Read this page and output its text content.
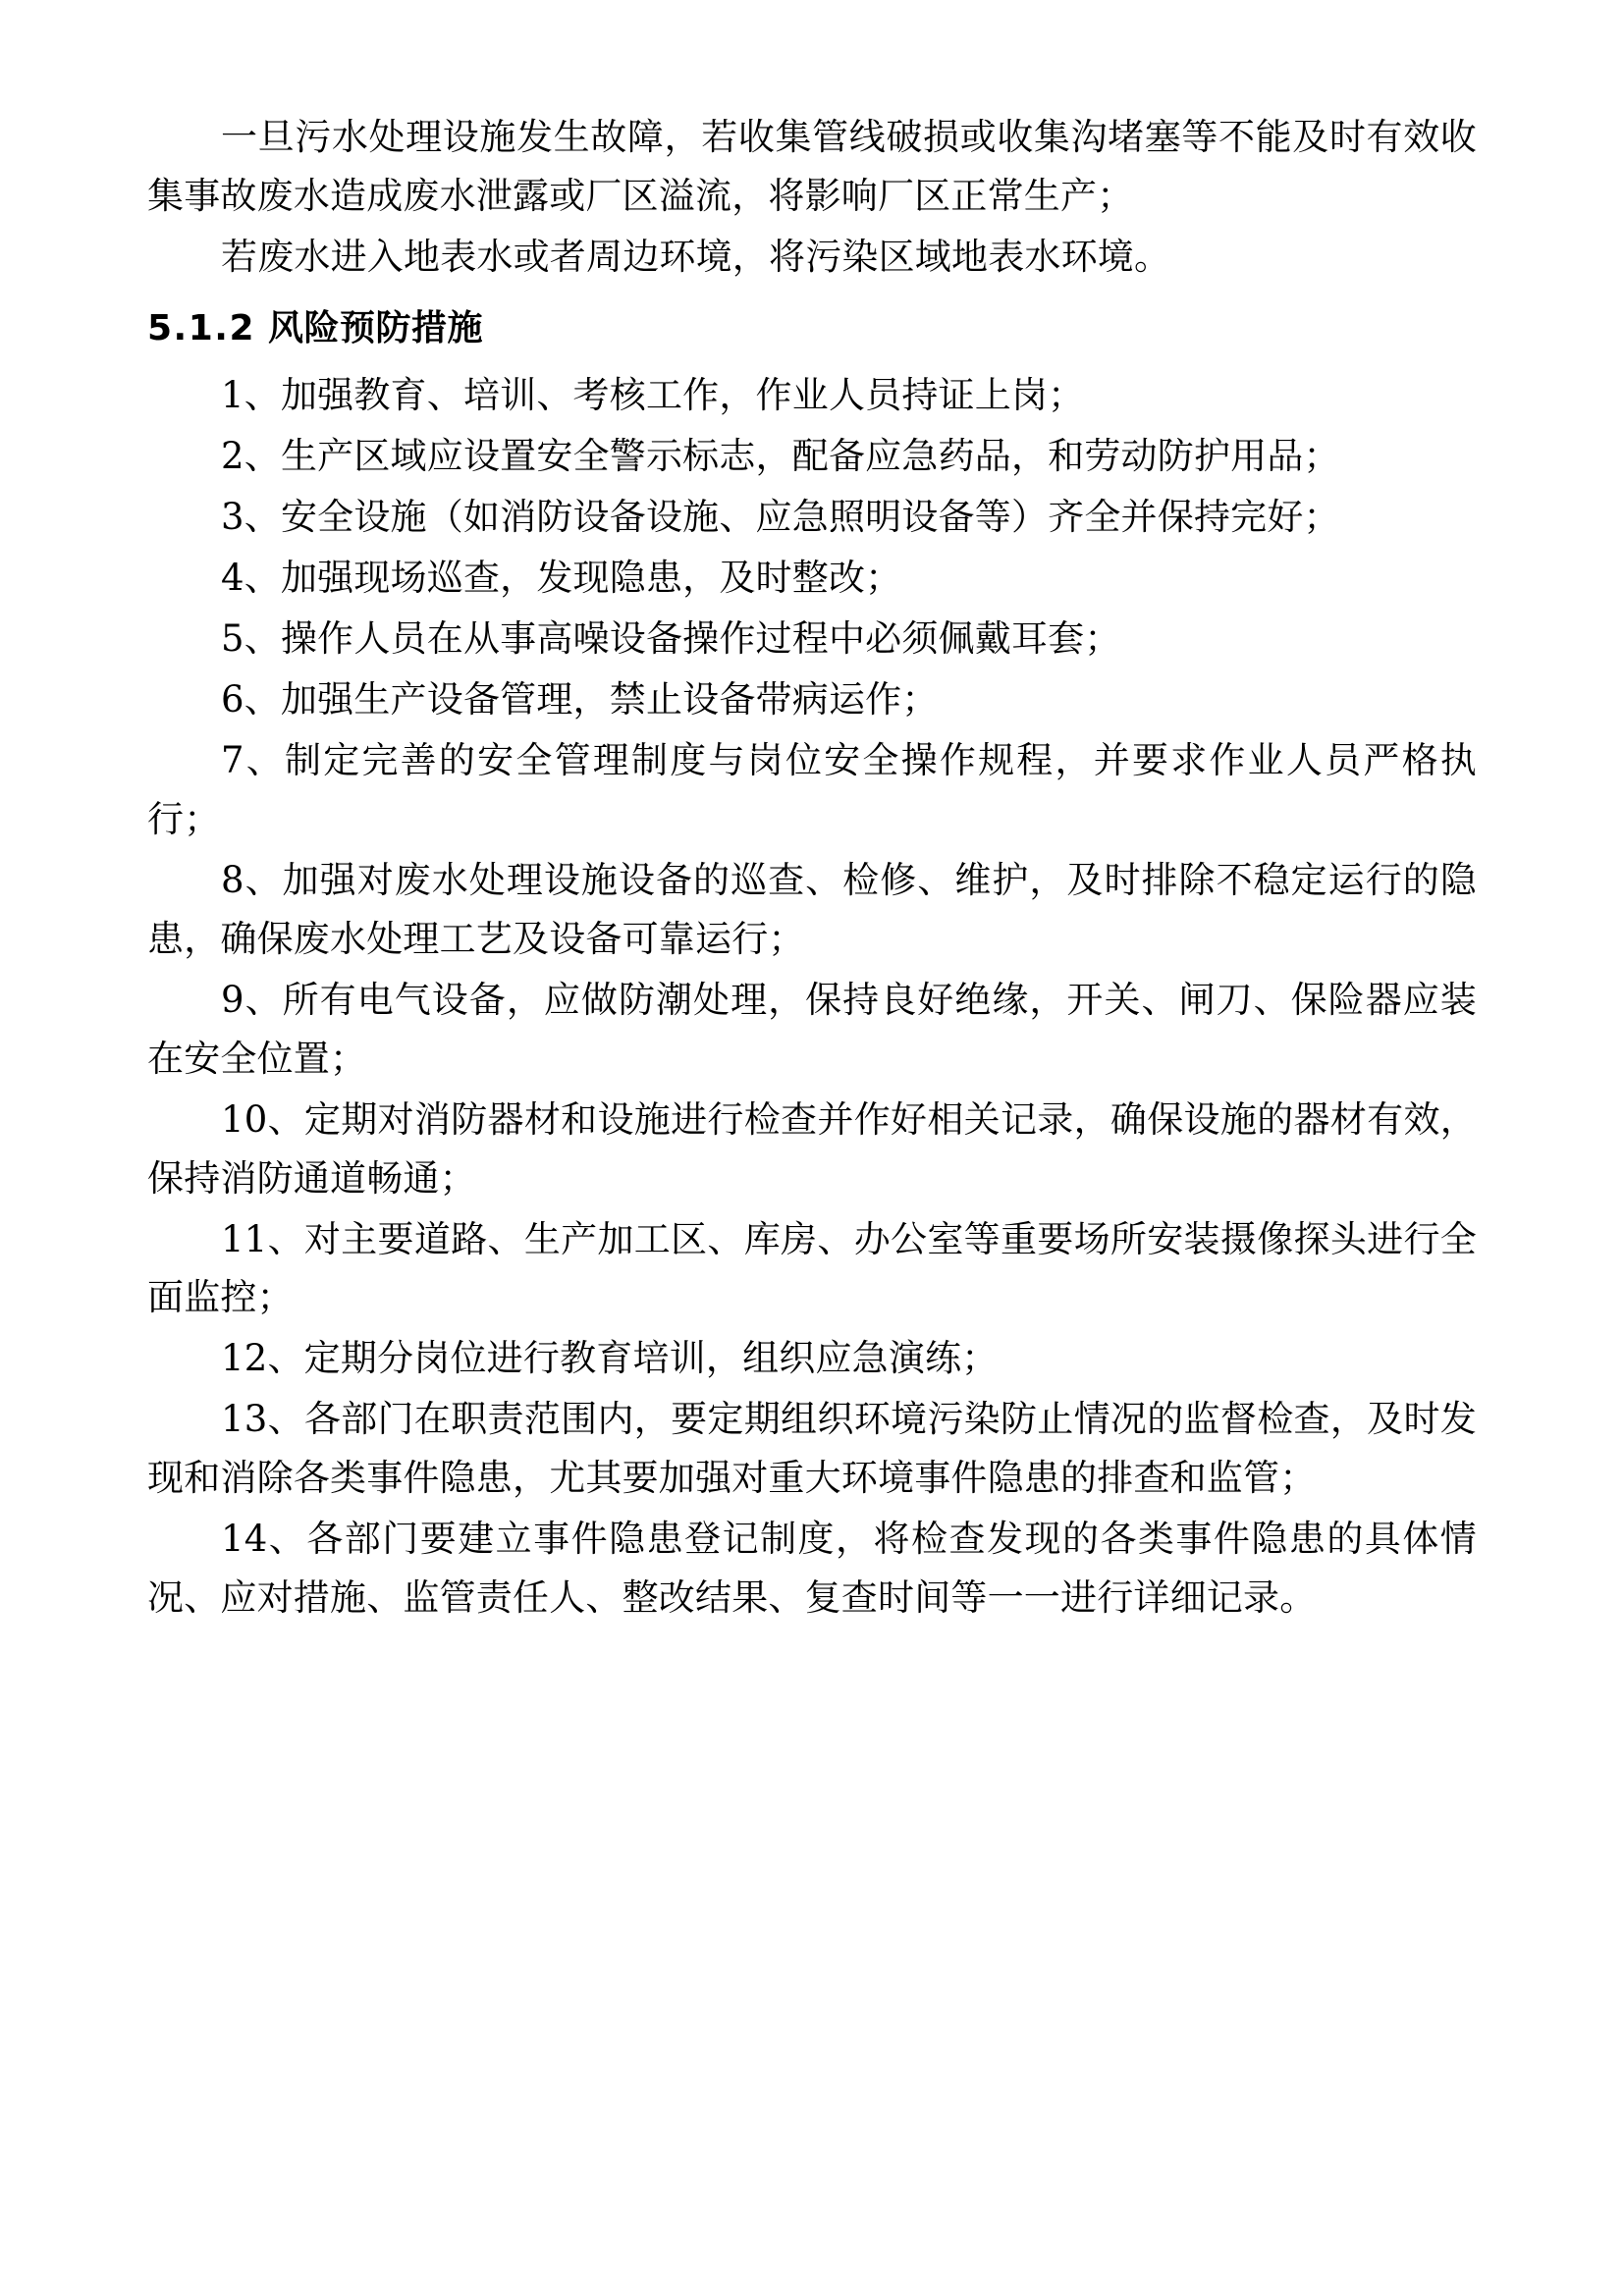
一旦污水处理设施发生故障，若收集管线破损或收集沟堵塞等不能及时有效收集事故废水造成废水泄露或厂区溢流，将影响厂区正常生产；

若废水进入地表水或者周边环境，将污染区域地表水环境。

5.1.2 风险预防措施
1、加强教育、培训、考核工作，作业人员持证上岗；
2、生产区域应设置安全警示标志，配备应急药品，和劳动防护用品；
3、安全设施（如消防设备设施、应急照明设备等）齐全并保持完好；
4、加强现场巡查，发现隐患，及时整改；
5、操作人员在从事高噪设备操作过程中必须佩戴耳套；
6、加强生产设备管理，禁止设备带病运作；
7、制定完善的安全管理制度与岗位安全操作规程，并要求作业人员严格执行；
8、加强对废水处理设施设备的巡查、检修、维护，及时排除不稳定运行的隐患，确保废水处理工艺及设备可靠运行；
9、所有电气设备，应做防潮处理，保持良好绝缘，开关、闸刀、保险器应装在安全位置；
10、定期对消防器材和设施进行检查并作好相关记录，确保设施的器材有效，保持消防通道畅通；
11、对主要道路、生产加工区、库房、办公室等重要场所安装摄像探头进行全面监控；
12、定期分岗位进行教育培训，组织应急演练；
13、各部门在职责范围内，要定期组织环境污染防止情况的监督检查，及时发现和消除各类事件隐患，尤其要加强对重大环境事件隐患的排查和监管；
14、各部门要建立事件隐患登记制度，将检查发现的各类事件隐患的具体情况、应对措施、监管责任人、整改结果、复查时间等一一进行详细记录。
